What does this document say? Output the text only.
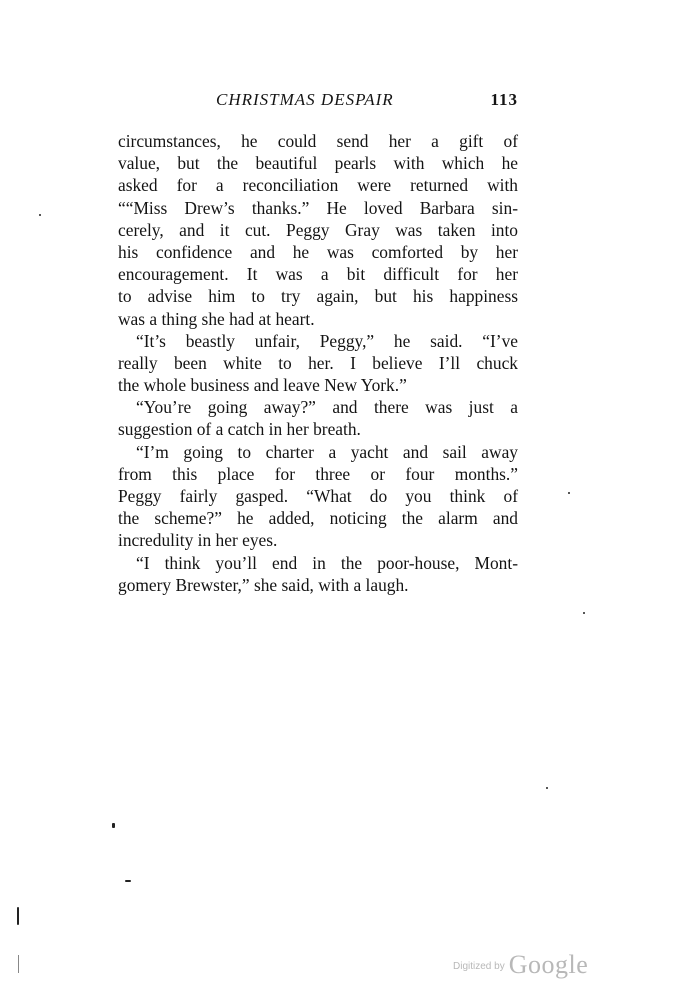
CHRISTMAS DESPAIR	113
circumstances, he could send her a gift of
value, but the beautiful pearls with which he
asked for a reconciliation were returned with
““Miss Drew’s thanks.” He loved Barbara sin-
cerely, and it cut. Peggy Gray was taken into
his confidence and he was comforted by her
encouragement. It was a bit difficult for her
to advise him to try again, but his happiness
was a thing she had at heart.
“It’s beastly unfair, Peggy,” he said. “I’ve
really been white to her. I believe I’ll chuck
the whole business and leave New York.”
“You’re going away?” and there was just a
suggestion of a catch in her breath.
“I’m going to charter a yacht and sail away
from this place for three or four months.”
Peggy fairly gasped. “What do you think of
the scheme?” he added, noticing the alarm and
incredulity in her eyes.
“I think you’ll end in the poor-house, Mont-
gomery Brewster,” she said, with a laugh.
$^{Digitized by}$ Google
